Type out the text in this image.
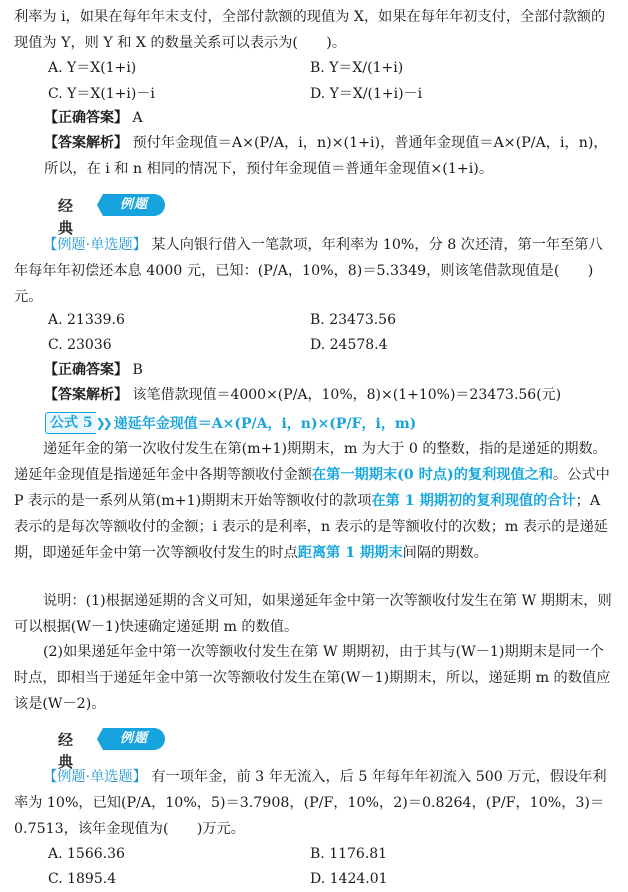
利率为 i，如果在每年年末支付，全部付款额的现值为 X，如果在每年年初支付，全部付款额的现值为 Y，则 Y 和 X 的数量关系可以表示为(　　)。
A. Y＝X(1+i)	B. Y＝X/(1+i)
C. Y＝X(1+i)－i	D. Y＝X/(1+i)－i
【正确答案】 A
【答案解析】 预付年金现值＝A×(P/A，i，n)×(1+i)，普通年金现值＝A×(P/A，i，n)，所以，在 i 和 n 相同的情况下，预付年金现值＝普通年金现值×(1+i)。
经 典
例题
【例题·单选题】 某人向银行借入一笔款项，年利率为 10%，分 8 次还清，第一年至第八年每年年初偿还本息 4000 元，已知：(P/A，10%，8)＝5.3349，则该笔借款现值是(　　)元。
A. 21339.6	B. 23473.56
C. 23036	D. 24578.4
【正确答案】 B
【答案解析】 该笔借款现值＝4000×(P/A，10%，8)×(1+10%)＝23473.56(元)
公式 5 ❯❯ 递延年金现值＝A×(P/A，i，n)×(P/F，i，m)
递延年金的第一次收付发生在第(m+1)期期末，m 为大于 0 的整数，指的是递延的期数。递延年金现值是指递延年金中各期等额收付金额在第一期期末(0 时点)的复利现值之和。公式中 P 表示的是一系列从第(m+1)期期末开始等额收付的款项在第 1 期期初的复利现值的合计；A 表示的是每次等额收付的金额；i 表示的是利率，n 表示的是等额收付的次数；m 表示的是递延期，即递延年金中第一次等额收付发生的时点距离第 1 期期末间隔的期数。
说明：(1)根据递延期的含义可知，如果递延年金中第一次等额收付发生在第 W 期期末，则可以根据(W－1)快速确定递延期 m 的数值。
(2)如果递延年金中第一次等额收付发生在第 W 期期初，由于其与(W－1)期期末是同一个时点，即相当于递延年金中第一次等额收付发生在第(W－1)期期末，所以，递延期 m 的数值应该是(W－2)。
经 典
例题
【例题·单选题】 有一项年金，前 3 年无流入，后 5 年每年年初流入 500 万元，假设年利率为 10%，已知(P/A，10%，5)＝3.7908，(P/F，10%，2)＝0.8264，(P/F，10%，3)＝0.7513，该年金现值为(　　)万元。
A. 1566.36	B. 1176.81
C. 1895.4	D. 1424.01
